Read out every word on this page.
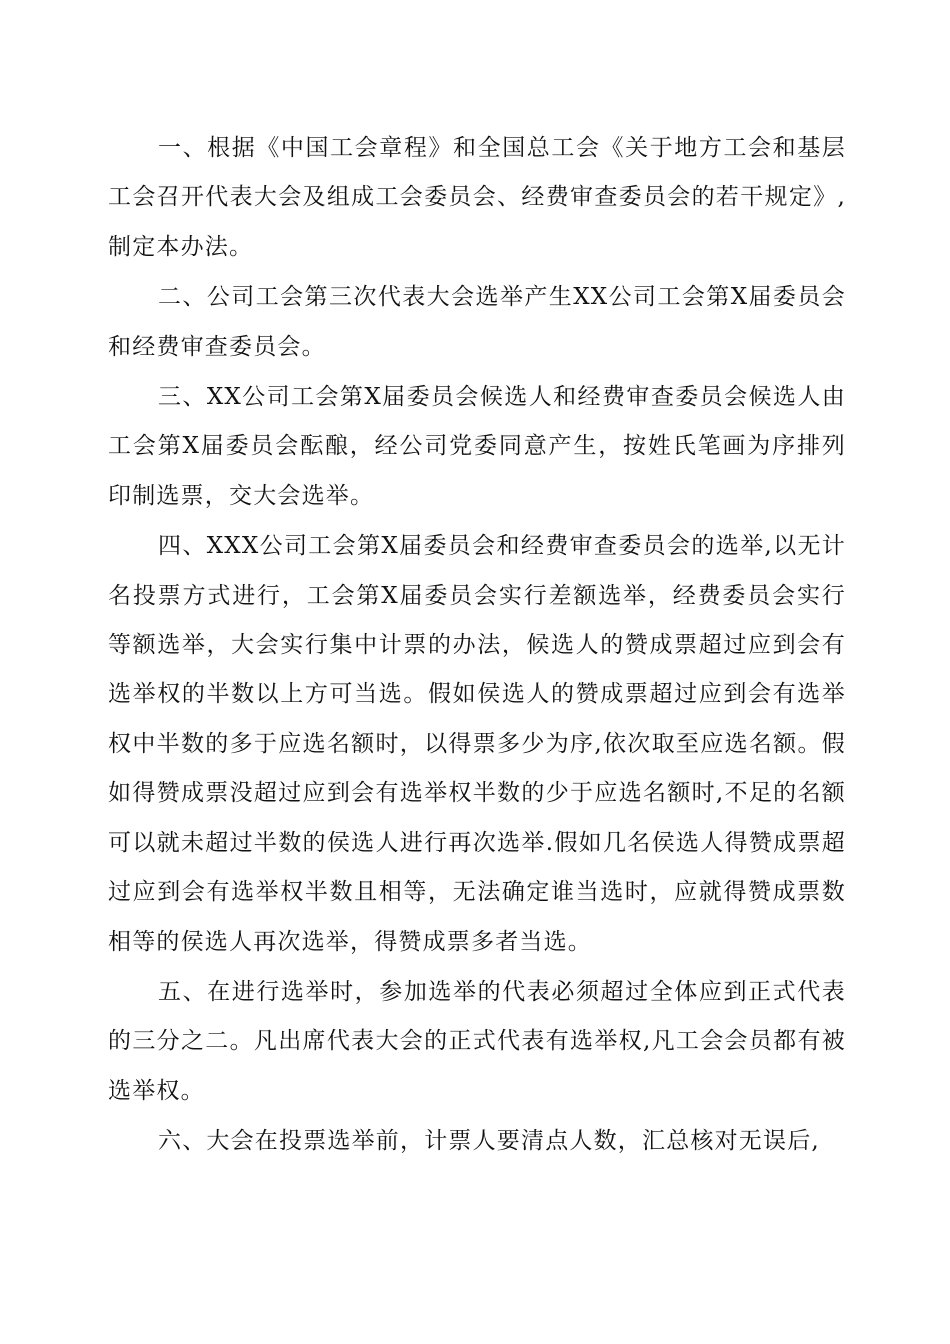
一、根据《中国工会章程》和全国总工会《关于地方工会和基层工会召开代表大会及组成工会委员会、经费审查委员会的若干规定》,制定本办法。

二、公司工会第三次代表大会选举产生XX公司工会第X届委员会和经费审查委员会。

三、XX公司工会第X届委员会候选人和经费审查委员会候选人由工会第X届委员会酝酿，经公司党委同意产生，按姓氏笔画为序排列印制选票，交大会选举。

四、XXX公司工会第X届委员会和经费审查委员会的选举,以无计名投票方式进行，工会第X届委员会实行差额选举，经费委员会实行等额选举，大会实行集中计票的办法，候选人的赞成票超过应到会有选举权的半数以上方可当选。假如侯选人的赞成票超过应到会有选举权中半数的多于应选名额时，以得票多少为序,依次取至应选名额。假如得赞成票没超过应到会有选举权半数的少于应选名额时,不足的名额可以就未超过半数的侯选人进行再次选举.假如几名侯选人得赞成票超过应到会有选举权半数且相等，无法确定谁当选时，应就得赞成票数相等的侯选人再次选举，得赞成票多者当选。

五、在进行选举时，参加选举的代表必须超过全体应到正式代表的三分之二。凡出席代表大会的正式代表有选举权,凡工会会员都有被选举权。

六、大会在投票选举前，计票人要清点人数，汇总核对无误后,
